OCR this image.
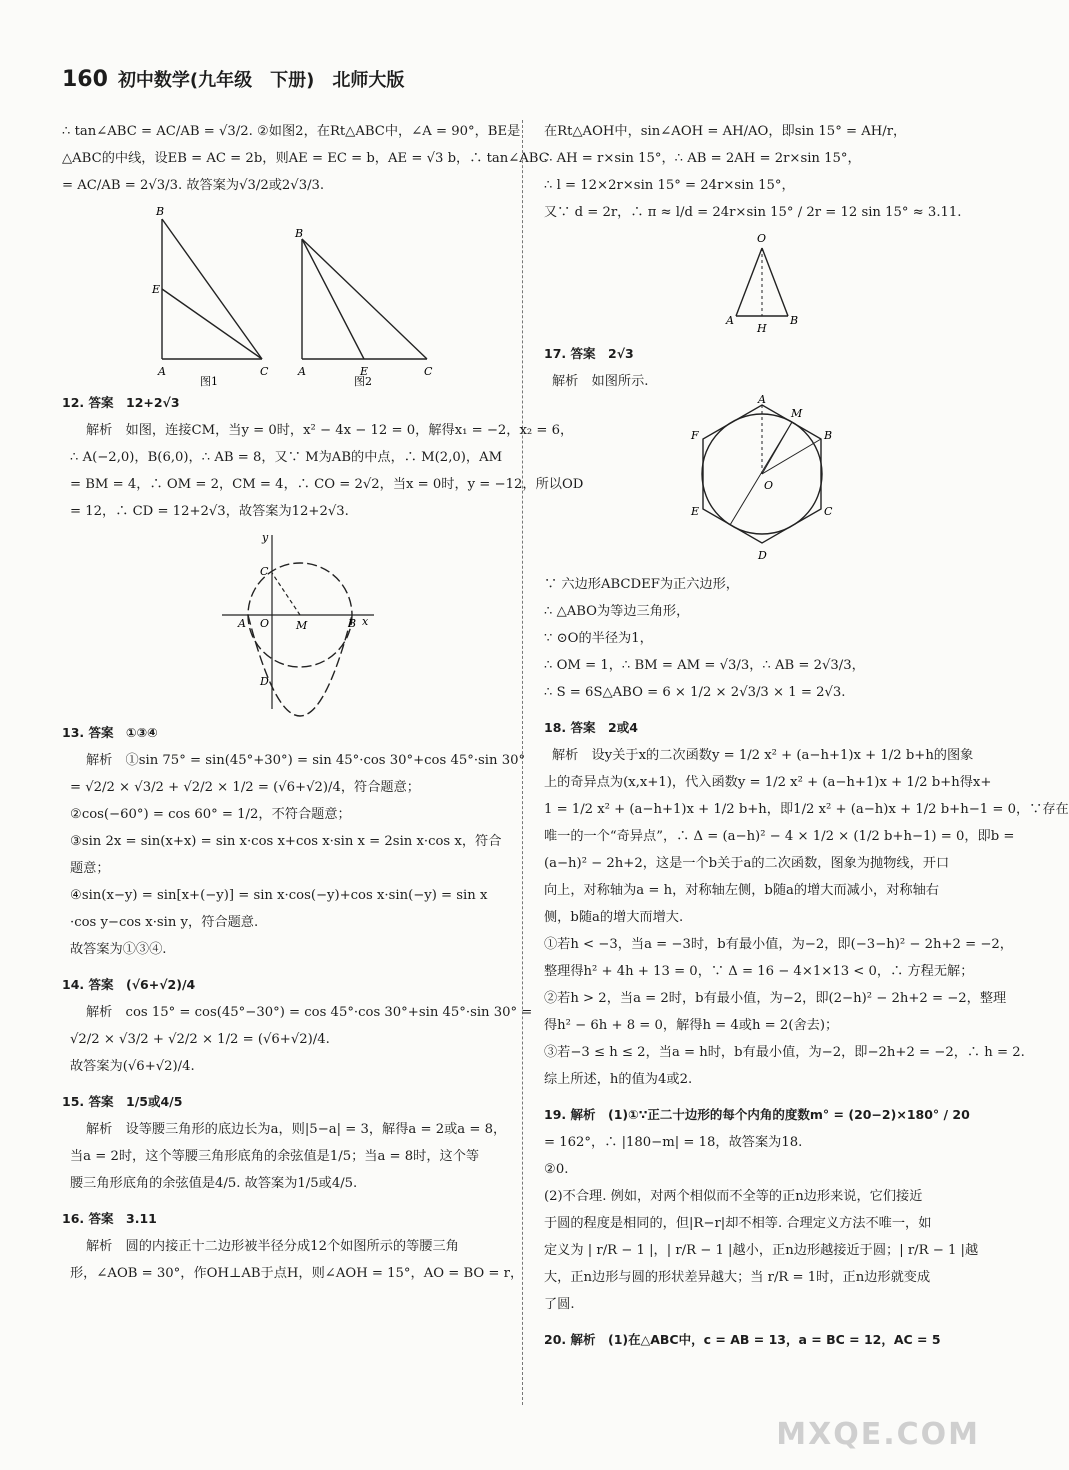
160 初中数学(九年级　下册)　北师大版
∴ tan∠ABC = AC/AB = √3/2. ②如图2，在Rt△ABC中，∠A = 90°，BE是
△ABC的中线，设EB = AC = 2b，则AE = EC = b，AE = √3 b，∴ tan∠ABC
= AC/AB = 2√3/3. 故答案为√3/2或2√3/3.
B
E
A	C
图1
B
A	E	C
图2
12. 答案　12+2√3
解析　如图，连接CM，当y = 0时，x² − 4x − 12 = 0，解得x₁ = −2，x₂ = 6，
∴ A(−2,0)，B(6,0)，∴ AB = 8，又∵ M为AB的中点，∴ M(2,0)，AM
= BM = 4，∴ OM = 2，CM = 4，∴ CO = 2√2，当x = 0时，y = −12，所以OD
= 12，∴ CD = 12+2√3，故答案为12+2√3.
y
x
A O M	B
C
D
13. 答案　①③④
解析　①sin 75° = sin(45°+30°) = sin 45°·cos 30°+cos 45°·sin 30°
= √2/2 × √3/2 + √2/2 × 1/2 = (√6+√2)/4，符合题意；
②cos(−60°) = cos 60° = 1/2，不符合题意；
③sin 2x = sin(x+x) = sin x·cos x+cos x·sin x = 2sin x·cos x，符合
题意；
④sin(x−y) = sin[x+(−y)] = sin x·cos(−y)+cos x·sin(−y) = sin x
·cos y−cos x·sin y，符合题意.
故答案为①③④.
14. 答案　(√6+√2)/4
解析　cos 15° = cos(45°−30°) = cos 45°·cos 30°+sin 45°·sin 30° =
√2/2 × √3/2 + √2/2 × 1/2 = (√6+√2)/4.
故答案为(√6+√2)/4.
15. 答案　1/5或4/5
解析　设等腰三角形的底边长为a，则|5−a| = 3，解得a = 2或a = 8，
当a = 2时，这个等腰三角形底角的余弦值是1/5；当a = 8时，这个等
腰三角形底角的余弦值是4/5. 故答案为1/5或4/5.
16. 答案　3.11
解析　圆的内接正十二边形被半径分成12个如图所示的等腰三角
形，∠AOB = 30°，作OH⊥AB于点H，则∠AOH = 15°，AO = BO = r，
在Rt△AOH中，sin∠AOH = AH/AO，即sin 15° = AH/r，
∴ AH = r×sin 15°，∴ AB = 2AH = 2r×sin 15°，
∴ l = 12×2r×sin 15° = 24r×sin 15°，
又∵ d = 2r，∴ π ≈ l/d = 24r×sin 15° / 2r = 12 sin 15° ≈ 3.11.
O
A	B
H
17. 答案　2√3
解析　如图所示.
A
M
B
C
D
E
F
O
∵ 六边形ABCDEF为正六边形，
∴ △ABO为等边三角形，
∵ ⊙O的半径为1，
∴ OM = 1，∴ BM = AM = √3/3，∴ AB = 2√3/3，
∴ S = 6S△ABO = 6 × 1/2 × 2√3/3 × 1 = 2√3.
18. 答案　2或4
解析　设y关于x的二次函数y = 1/2 x² + (a−h+1)x + 1/2 b+h的图象
上的奇异点为(x,x+1)，代入函数y = 1/2 x² + (a−h+1)x + 1/2 b+h得x+
1 = 1/2 x² + (a−h+1)x + 1/2 b+h，即1/2 x² + (a−h)x + 1/2 b+h−1 = 0，∵存在
唯一的一个“奇异点”，∴ Δ = (a−h)² − 4 × 1/2 × (1/2 b+h−1) = 0，即b =
(a−h)² − 2h+2，这是一个b关于a的二次函数，图象为抛物线，开口
向上，对称轴为a = h，对称轴左侧，b随a的增大而减小，对称轴右
侧，b随a的增大而增大.
①若h < −3，当a = −3时，b有最小值，为−2，即(−3−h)² − 2h+2 = −2，
整理得h² + 4h + 13 = 0，∵ Δ = 16 − 4×1×13 < 0，∴ 方程无解；
②若h > 2，当a = 2时，b有最小值，为−2，即(2−h)² − 2h+2 = −2，整理
得h² − 6h + 8 = 0，解得h = 4或h = 2(舍去)；
③若−3 ≤ h ≤ 2，当a = h时，b有最小值，为−2，即−2h+2 = −2，∴ h = 2.
综上所述，h的值为4或2.
19. 解析　(1)①∵正二十边形的每个内角的度数m° = (20−2)×180° / 20
= 162°，∴ |180−m| = 18，故答案为18.
②0.
(2)不合理. 例如，对两个相似而不全等的正n边形来说，它们接近
于圆的程度是相同的，但|R−r|却不相等. 合理定义方法不唯一，如
定义为 | r/R − 1 |，| r/R − 1 |越小，正n边形越接近于圆；| r/R − 1 |越
大，正n边形与圆的形状差异越大；当 r/R = 1时，正n边形就变成
了圆.
20. 解析　(1)在△ABC中，c = AB = 13，a = BC = 12，AC = 5
MXQE.COM
